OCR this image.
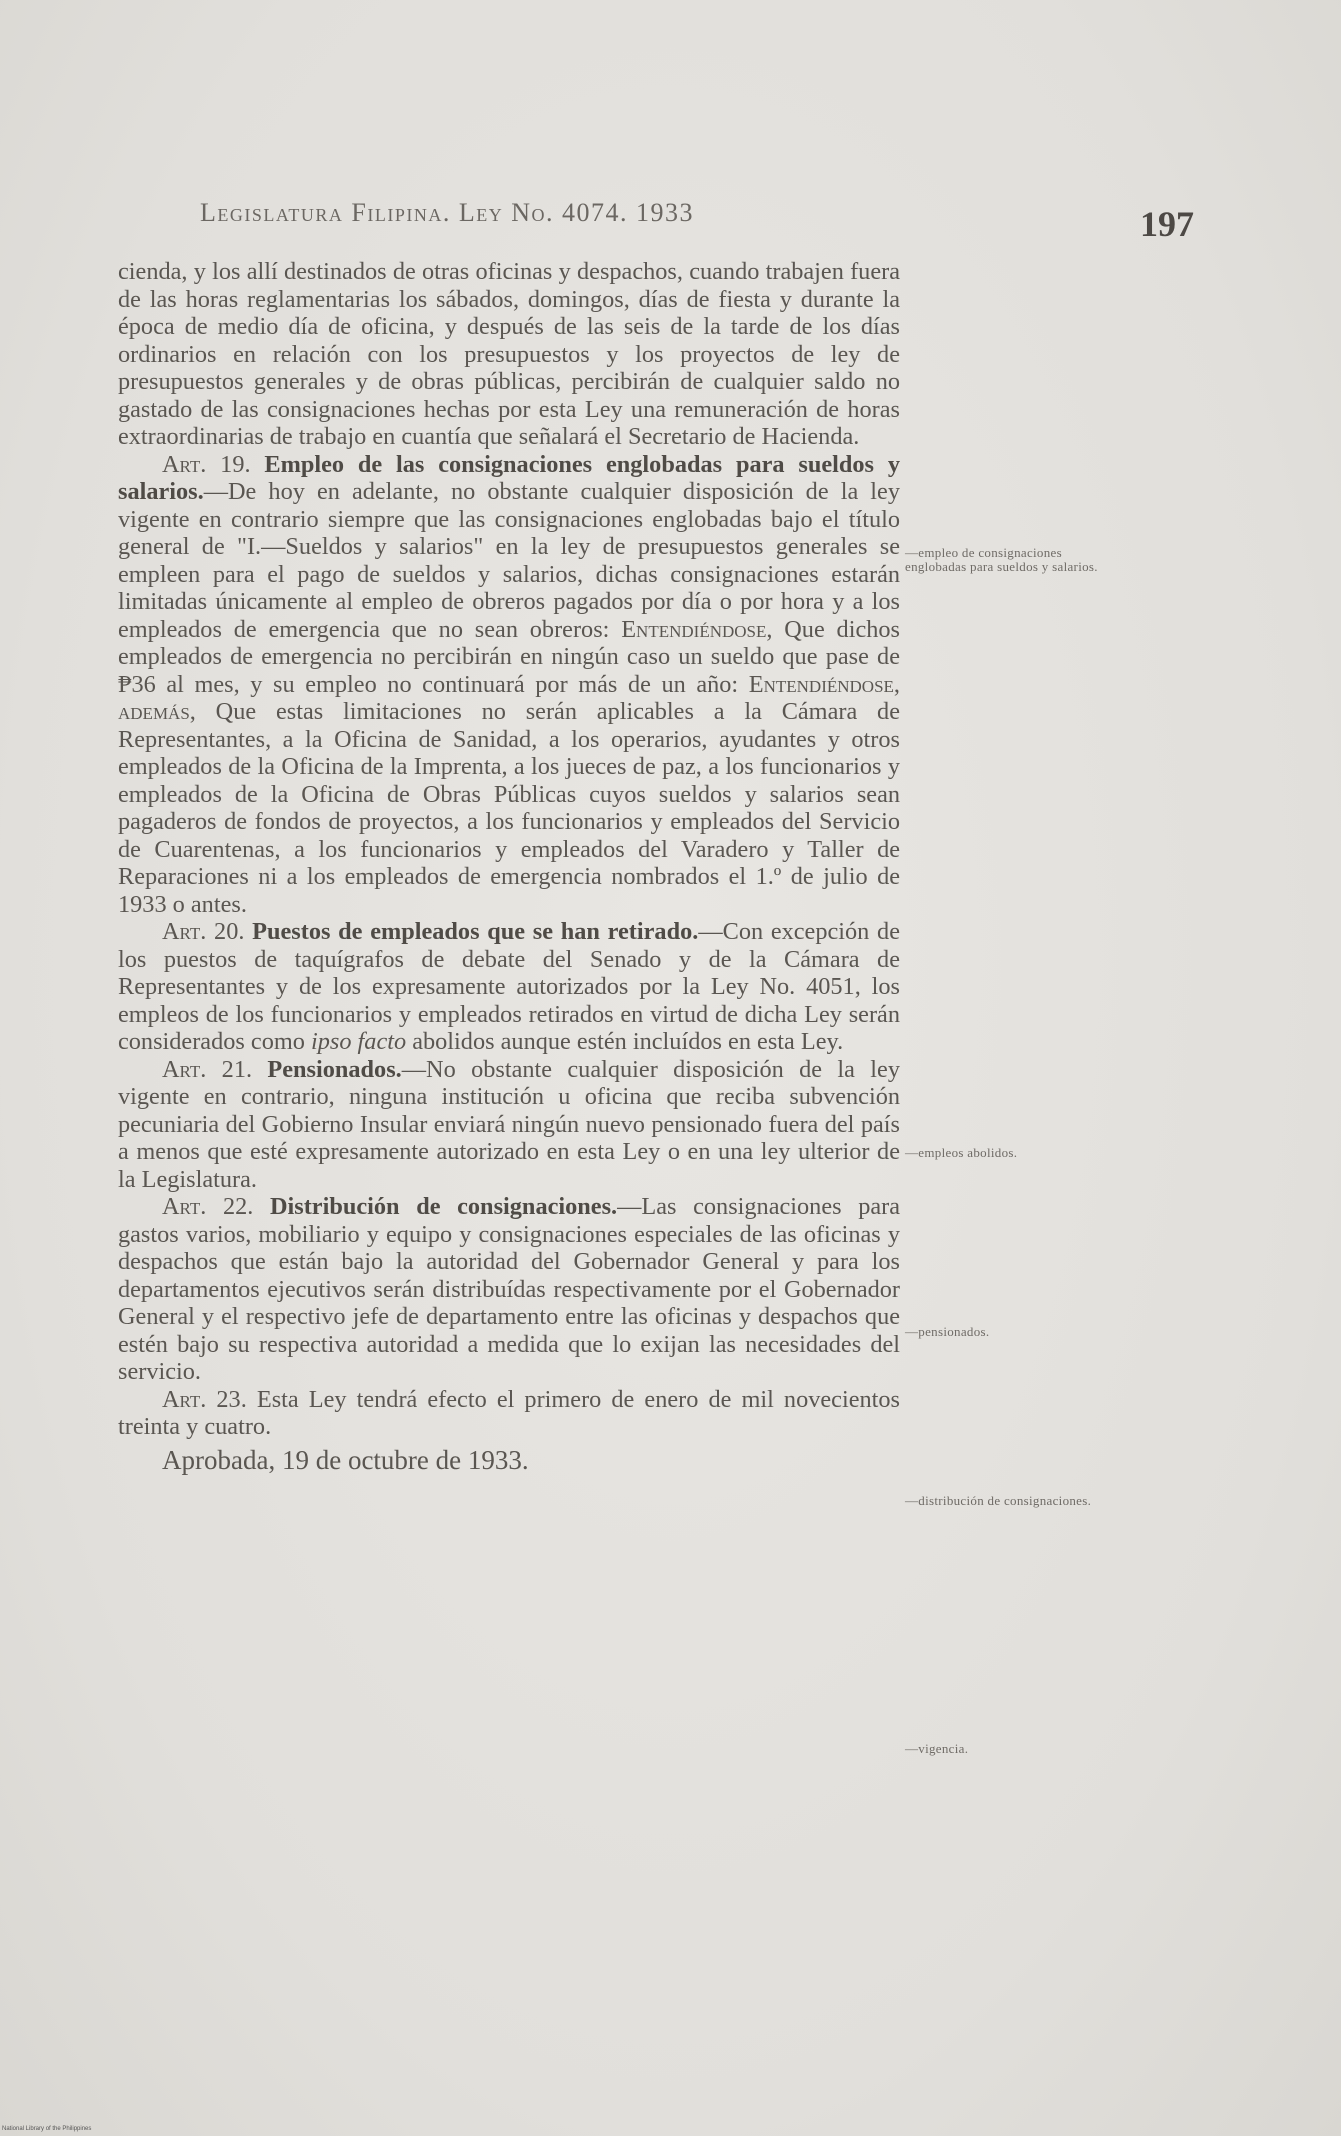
Legislatura Filipina. Ley No. 4074. 1933	197

cienda, y los allí destinados de otras oficinas y despachos, cuando trabajen fuera de las horas reglamentarias los sábados, domingos, días de fiesta y durante la época de medio día de oficina, y después de las seis de la tarde de los días ordinarios en relación con los presupuestos y los proyectos de ley de presupuestos generales y de obras públicas, percibirán de cualquier saldo no gastado de las consignaciones hechas por esta Ley una remuneración de horas extraordinarias de trabajo en cuantía que señalará el Secretario de Hacienda.

Art. 19. Empleo de las consignaciones englobadas para sueldos y salarios.—De hoy en adelante, no obstante cualquier disposición de la ley vigente en contrario siempre que las consignaciones englobadas bajo el título general de "I.—Sueldos y salarios" en la ley de presupuestos generales se empleen para el pago de sueldos y salarios, dichas consignaciones estarán limitadas únicamente al empleo de obreros pagados por día o por hora y a los empleados de emergencia que no sean obreros: Entendiéndose, Que dichos empleados de emergencia no percibirán en ningún caso un sueldo que pase de ₱36 al mes, y su empleo no continuará por más de un año: Entendiéndose, además, Que estas limitaciones no serán aplicables a la Cámara de Representantes, a la Oficina de Sanidad, a los operarios, ayudantes y otros empleados de la Oficina de la Imprenta, a los jueces de paz, a los funcionarios y empleados de la Oficina de Obras Públicas cuyos sueldos y salarios sean pagaderos de fondos de proyectos, a los funcionarios y empleados del Servicio de Cuarentenas, a los funcionarios y empleados del Varadero y Taller de Reparaciones ni a los empleados de emergencia nombrados el 1.º de julio de 1933 o antes.

Art. 20. Puestos de empleados que se han retirado.—Con excepción de los puestos de taquígrafos de debate del Senado y de la Cámara de Representantes y de los expresamente autorizados por la Ley No. 4051, los empleos de los funcionarios y empleados retirados en virtud de dicha Ley serán considerados como ipso facto abolidos aunque estén incluídos en esta Ley.

Art. 21. Pensionados.—No obstante cualquier disposición de la ley vigente en contrario, ninguna institución u oficina que reciba subvención pecuniaria del Gobierno Insular enviará ningún nuevo pensionado fuera del país a menos que esté expresamente autorizado en esta Ley o en una ley ulterior de la Legislatura.

Art. 22. Distribución de consignaciones.—Las consignaciones para gastos varios, mobiliario y equipo y consignaciones especiales de las oficinas y despachos que están bajo la autoridad del Gobernador General y para los departamentos ejecutivos serán distribuídas respectivamente por el Gobernador General y el respectivo jefe de departamento entre las oficinas y despachos que estén bajo su respectiva autoridad a medida que lo exijan las necesidades del servicio.

Art. 23. Esta Ley tendrá efecto el primero de enero de mil novecientos treinta y cuatro.

Aprobada, 19 de octubre de 1933.

—empleo de consignaciones englobadas para sueldos y salarios.
—empleos abolidos.
—pensionados.
—distribución de consignaciones.
—vigencia.
National Library of the Philippines
